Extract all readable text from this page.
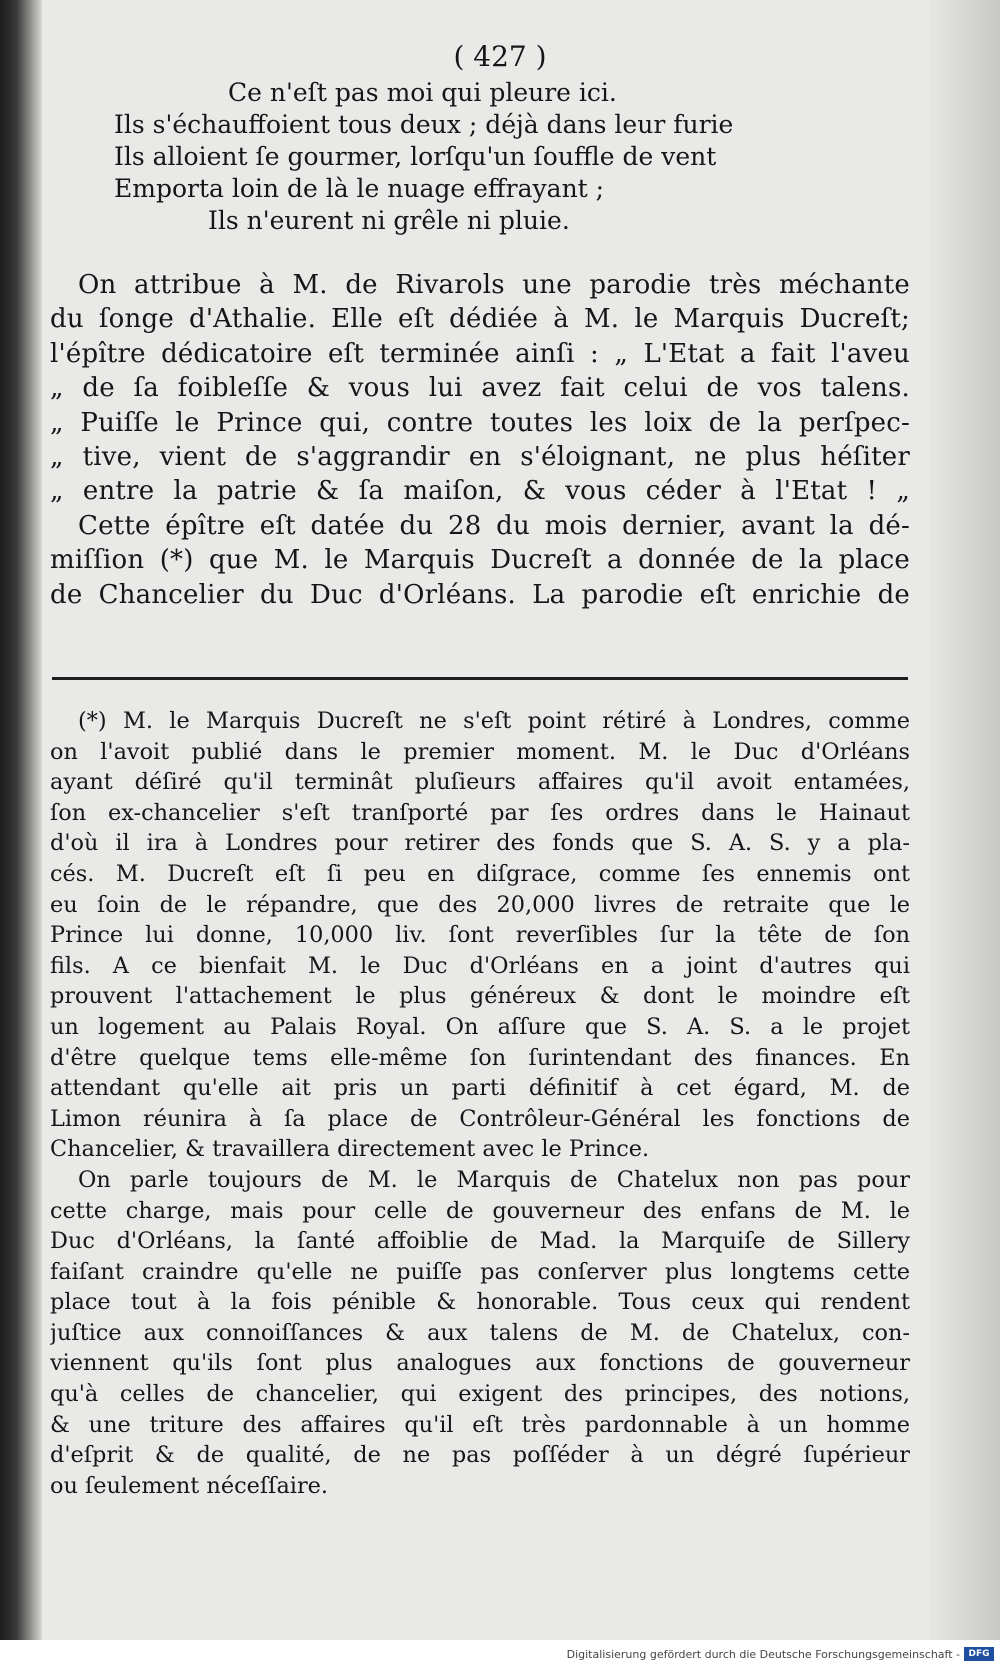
( 427 )
Ce n'eſt pas moi qui pleure ici.
Ils s'échauffoient tous deux ; déjà dans leur furie
Ils alloient ſe gourmer, lorſqu'un ſouffle de vent
Emporta loin de là le nuage effrayant ;
Ils n'eurent ni grêle ni pluie.
On attribue à M. de Rivarols une parodie très méchante
du ſonge d'Athalie. Elle eſt dédiée à M. le Marquis Ducreſt;
l'épître dédicatoire eſt terminée ainſi : „ L'Etat a fait l'aveu
„ de ſa foibleſſe & vous lui avez fait celui de vos talens.
„ Puiſſe le Prince qui, contre toutes les loix de la perſpec-
„ tive, vient de s'aggrandir en s'éloignant, ne plus héſiter
„ entre la patrie & ſa maiſon, & vous céder à l'Etat ! „
Cette épître eſt datée du 28 du mois dernier, avant la dé-
miſſion (*) que M. le Marquis Ducreſt a donnée de la place
de Chancelier du Duc d'Orléans. La parodie eſt enrichie de
(*) M. le Marquis Ducreſt ne s'eſt point rétiré à Londres, comme
on l'avoit publié dans le premier moment. M. le Duc d'Orléans
ayant déſiré qu'il terminât pluſieurs affaires qu'il avoit entamées,
ſon ex-chancelier s'eſt tranſporté par ſes ordres dans le Hainaut
d'où il ira à Londres pour retirer des fonds que S. A. S. y a pla-
cés. M. Ducreſt eſt ſi peu en diſgrace, comme ſes ennemis ont
eu ſoin de le répandre, que des 20,000 livres de retraite que le
Prince lui donne, 10,000 liv. ſont reverſibles ſur la tête de ſon
fils. A ce bienfait M. le Duc d'Orléans en a joint d'autres qui
prouvent l'attachement le plus généreux & dont le moindre eſt
un logement au Palais Royal. On aſſure que S. A. S. a le projet
d'être quelque tems elle-même ſon ſurintendant des finances. En
attendant qu'elle ait pris un parti définitif à cet égard, M. de
Limon réunira à ſa place de Contrôleur-Général les fonctions de
Chancelier, & travaillera directement avec le Prince.
On parle toujours de M. le Marquis de Chatelux non pas pour
cette charge, mais pour celle de gouverneur des enfans de M. le
Duc d'Orléans, la ſanté affoiblie de Mad. la Marquiſe de Sillery
faiſant craindre qu'elle ne puiſſe pas conſerver plus longtems cette
place tout à la fois pénible & honorable. Tous ceux qui rendent
juſtice aux connoiſſances & aux talens de M. de Chatelux, con-
viennent qu'ils ſont plus analogues aux fonctions de gouverneur
qu'à celles de chancelier, qui exigent des principes, des notions,
& une triture des affaires qu'il eſt très pardonnable à un homme
d'eſprit & de qualité, de ne pas poſſéder à un dégré ſupérieur
ou ſeulement néceſſaire.
Digitalisierung gefördert durch die Deutsche Forschungsgemeinschaft - DFG
